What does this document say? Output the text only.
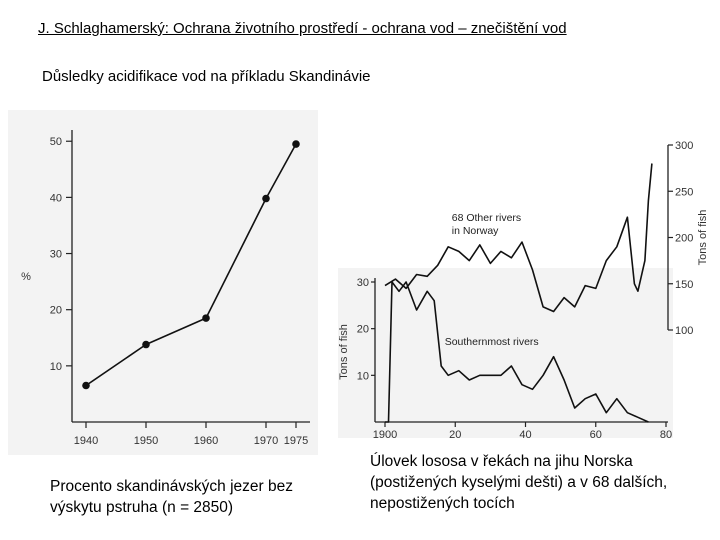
J. Schlaghamerský: Ochrana životního prostředí - ochrana vod – znečištění vod
Důsledky acidifikace vod na příkladu Skandinávie
1940	1950	1960	1970 1975
10
20
30
40
50
%
1900	20	40	60	80
10
20
30
100
150
200
250
300
Tons of fish
Tons of fish
68 Other rivers in Norway
Southernmost rivers
Procento skandinávských jezer bez výskytu pstruha (n = 2850)
Úlovek lososa v řekách na jihu Norska (postižených kyselými dešti) a v 68 dalších, nepostižených tocích
